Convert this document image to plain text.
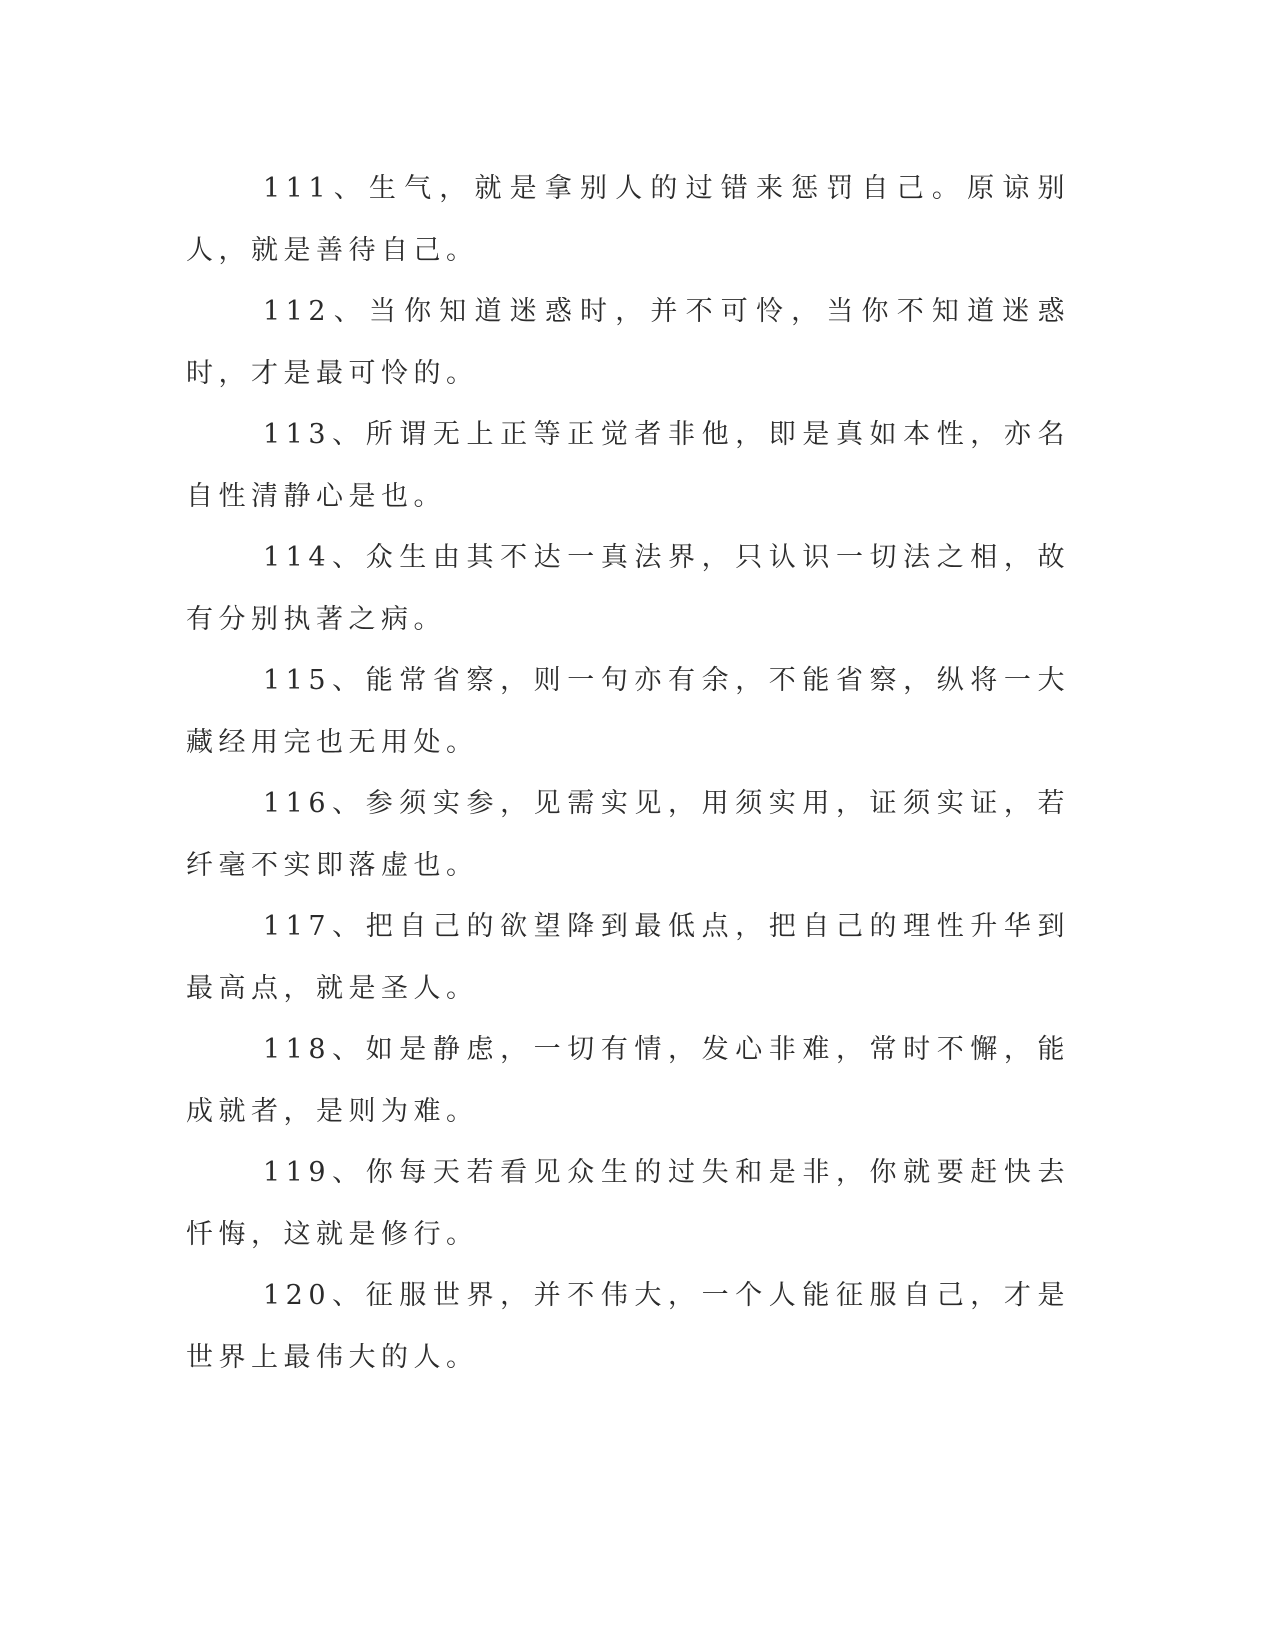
111、生气，就是拿别人的过错来惩罚自己。原谅别人，就是善待自己。

112、当你知道迷惑时，并不可怜，当你不知道迷惑时，才是最可怜的。

113、所谓无上正等正觉者非他，即是真如本性，亦名自性清静心是也。

114、众生由其不达一真法界，只认识一切法之相，故有分别执著之病。

115、能常省察，则一句亦有余，不能省察，纵将一大藏经用完也无用处。

116、参须实参，见需实见，用须实用，证须实证，若纤毫不实即落虚也。

117、把自己的欲望降到最低点，把自己的理性升华到最高点，就是圣人。

118、如是静虑，一切有情，发心非难，常时不懈，能成就者，是则为难。

119、你每天若看见众生的过失和是非，你就要赶快去忏悔，这就是修行。

120、征服世界，并不伟大，一个人能征服自己，才是世界上最伟大的人。
